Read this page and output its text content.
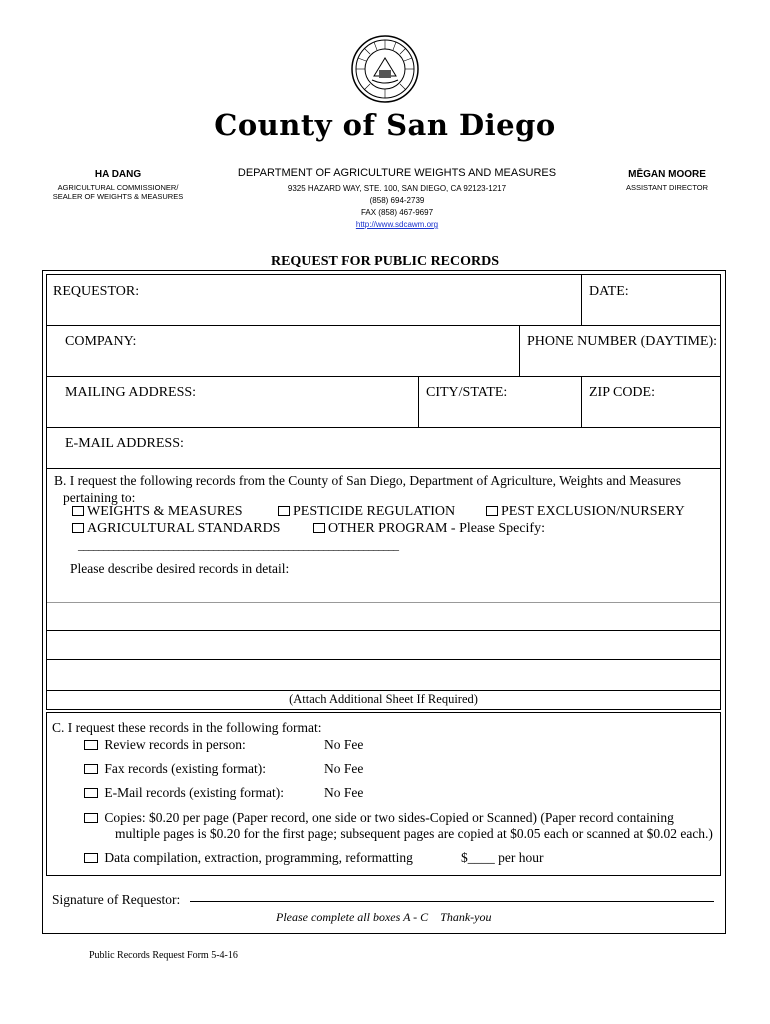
County of San Diego
HA DANG
AGRICULTURAL COMMISSIONER/
SEALER OF WEIGHTS & MEASURES
DEPARTMENT OF AGRICULTURE WEIGHTS AND MEASURES
9325 HAZARD WAY, STE. 100, SAN DIEGO, CA 92123-1217
(858) 694-2739
FAX (858) 467-9697
http://www.sdcawm.org
MĒGAN MOORE
ASSISTANT DIRECTOR
REQUEST FOR PUBLIC RECORDS
REQUESTOR:	DATE:
COMPANY:	PHONE NUMBER (DAYTIME):
MAILING ADDRESS:	CITY/STATE:	ZIP CODE:
E-MAIL ADDRESS:
B. I request the following records from the County of San Diego, Department of Agriculture, Weights and Measures
pertaining to:
WEIGHTS & MEASURES	PESTICIDE REGULATION	PEST EXCLUSION/NURSERY
AGRICULTURAL STANDARDS	OTHER PROGRAM - Please Specify:
________________________________________________________________
Please describe desired records in detail:
(Attach Additional Sheet If Required)
C. I request these records in the following format:
Review records in person:	No Fee
Fax records (existing format):	No Fee
E-Mail records (existing format):	No Fee
Copies: $0.20 per page (Paper record, one side or two sides-Copied or Scanned) (Paper record containing
multiple pages is $0.20 for the first page; subsequent pages are copied at $0.05 each or scanned at $0.02 each.)
Data compilation, extraction, programming, reformatting	$____ per hour
Signature of Requestor:
Please complete all boxes A - C    Thank-you
Public Records Request Form 5-4-16
